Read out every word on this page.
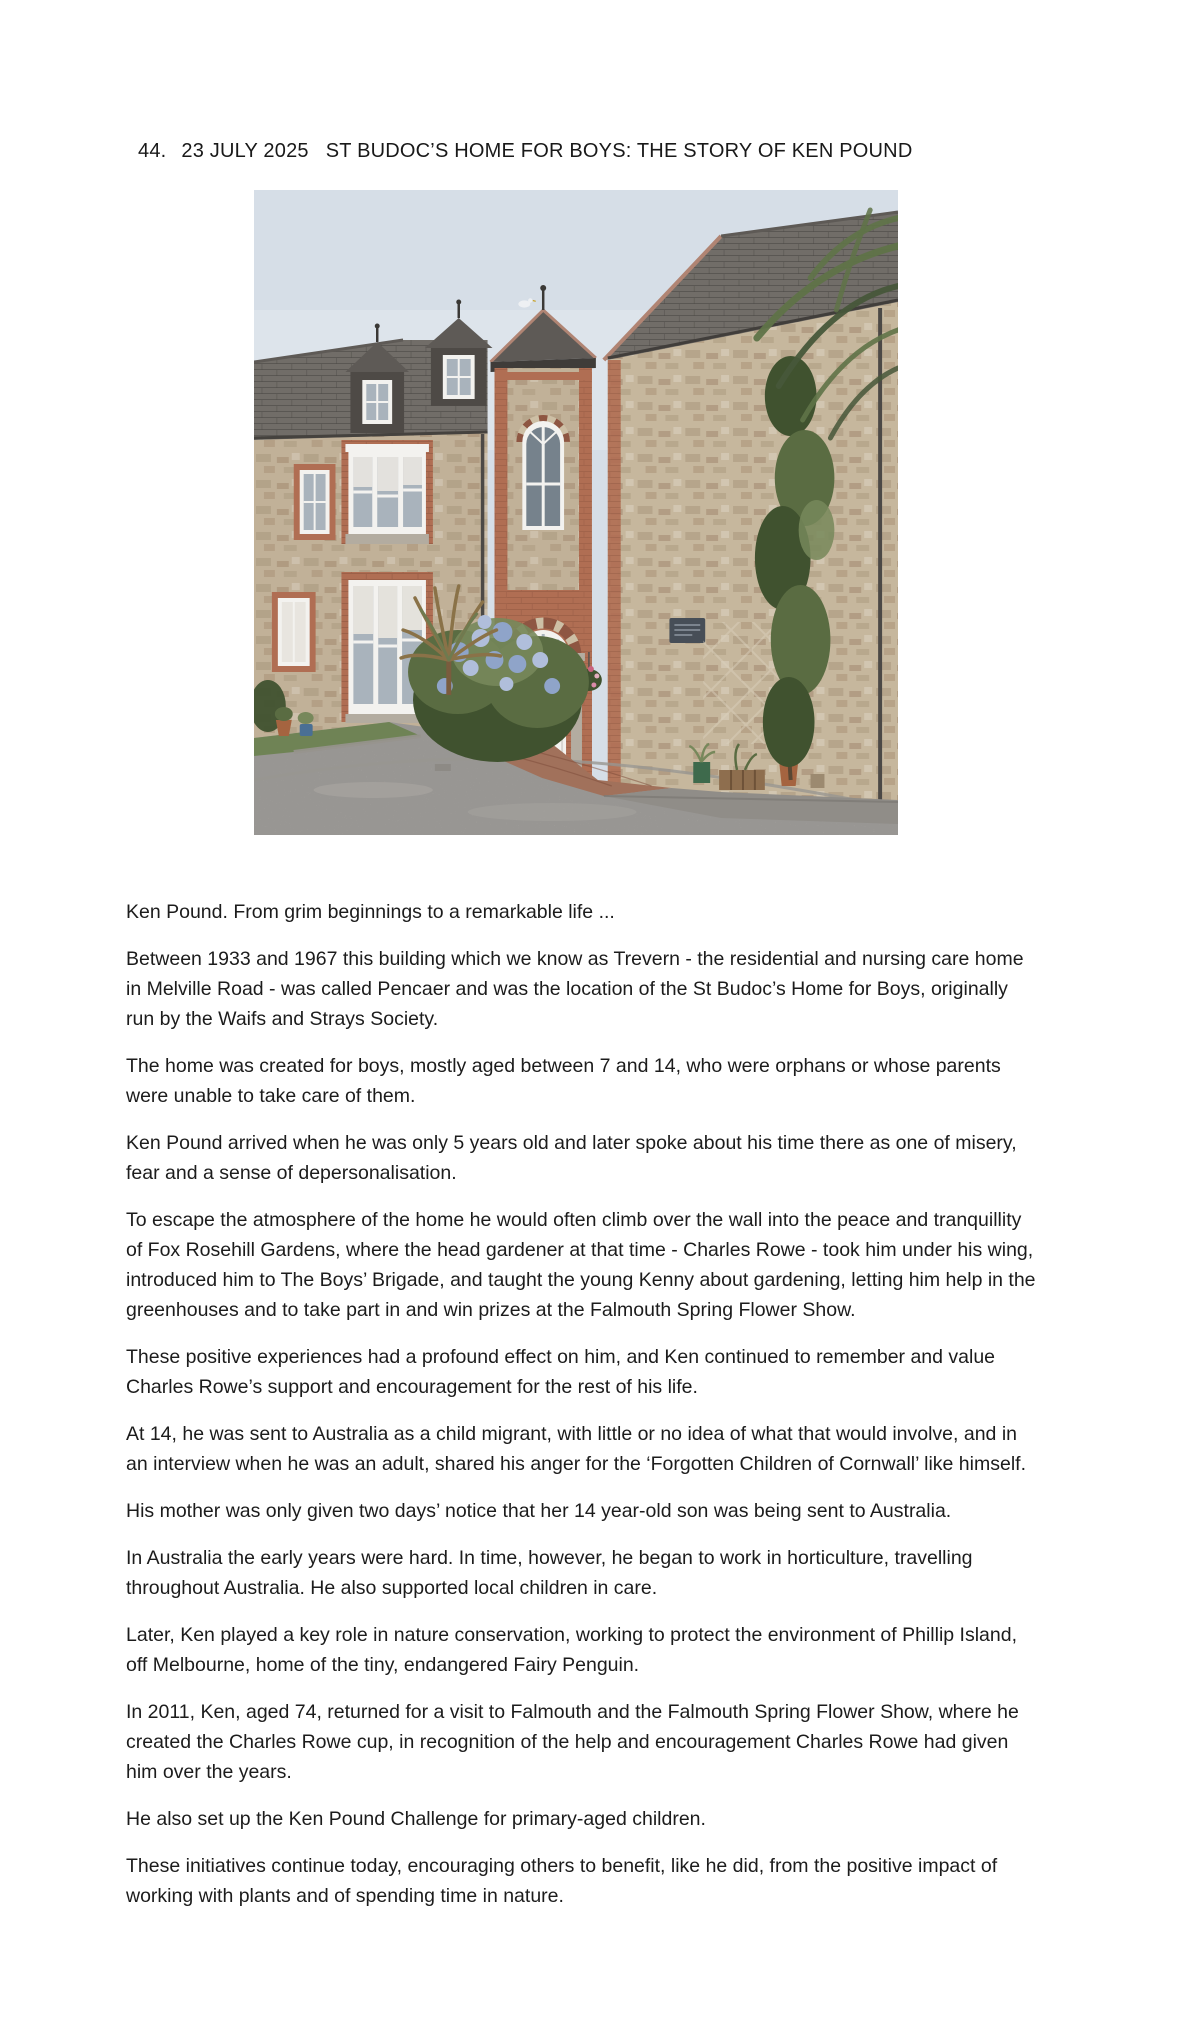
44. 23 JULY 2025 ST BUDOC’S HOME FOR BOYS: THE STORY OF KEN POUND

Ken Pound. From grim beginnings to a remarkable life ...

Between 1933 and 1967 this building which we know as Trevern - the residential and nursing care home in Melville Road - was called Pencaer and was the location of the St Budoc’s Home for Boys, originally run by the Waifs and Strays Society.

The home was created for boys, mostly aged between 7 and 14, who were orphans or whose parents were unable to take care of them.

Ken Pound arrived when he was only 5 years old and later spoke about his time there as one of misery, fear and a sense of depersonalisation.

To escape the atmosphere of the home he would often climb over the wall into the peace and tranquillity of Fox Rosehill Gardens, where the head gardener at that time - Charles Rowe - took him under his wing, introduced him to The Boys’ Brigade, and taught the young Kenny about gardening, letting him help in the greenhouses and to take part in and win prizes at the Falmouth Spring Flower Show.

These positive experiences had a profound effect on him, and Ken continued to remember and value Charles Rowe’s support and encouragement for the rest of his life.

At 14, he was sent to Australia as a child migrant, with little or no idea of what that would involve, and in an interview when he was an adult, shared his anger for the ‘Forgotten Children of Cornwall’ like himself.

His mother was only given two days’ notice that her 14 year-old son was being sent to Australia.

In Australia the early years were hard. In time, however, he began to work in horticulture, travelling throughout Australia. He also supported local children in care.

Later, Ken played a key role in nature conservation, working to protect the environment of Phillip Island, off Melbourne, home of the tiny, endangered Fairy Penguin.

In 2011, Ken, aged 74, returned for a visit to Falmouth and the Falmouth Spring Flower Show, where he created the Charles Rowe cup, in recognition of the help and encouragement Charles Rowe had given him over the years.

He also set up the Ken Pound Challenge for primary-aged children.

These initiatives continue today, encouraging others to benefit, like he did, from the positive impact of working with plants and of spending time in nature.
